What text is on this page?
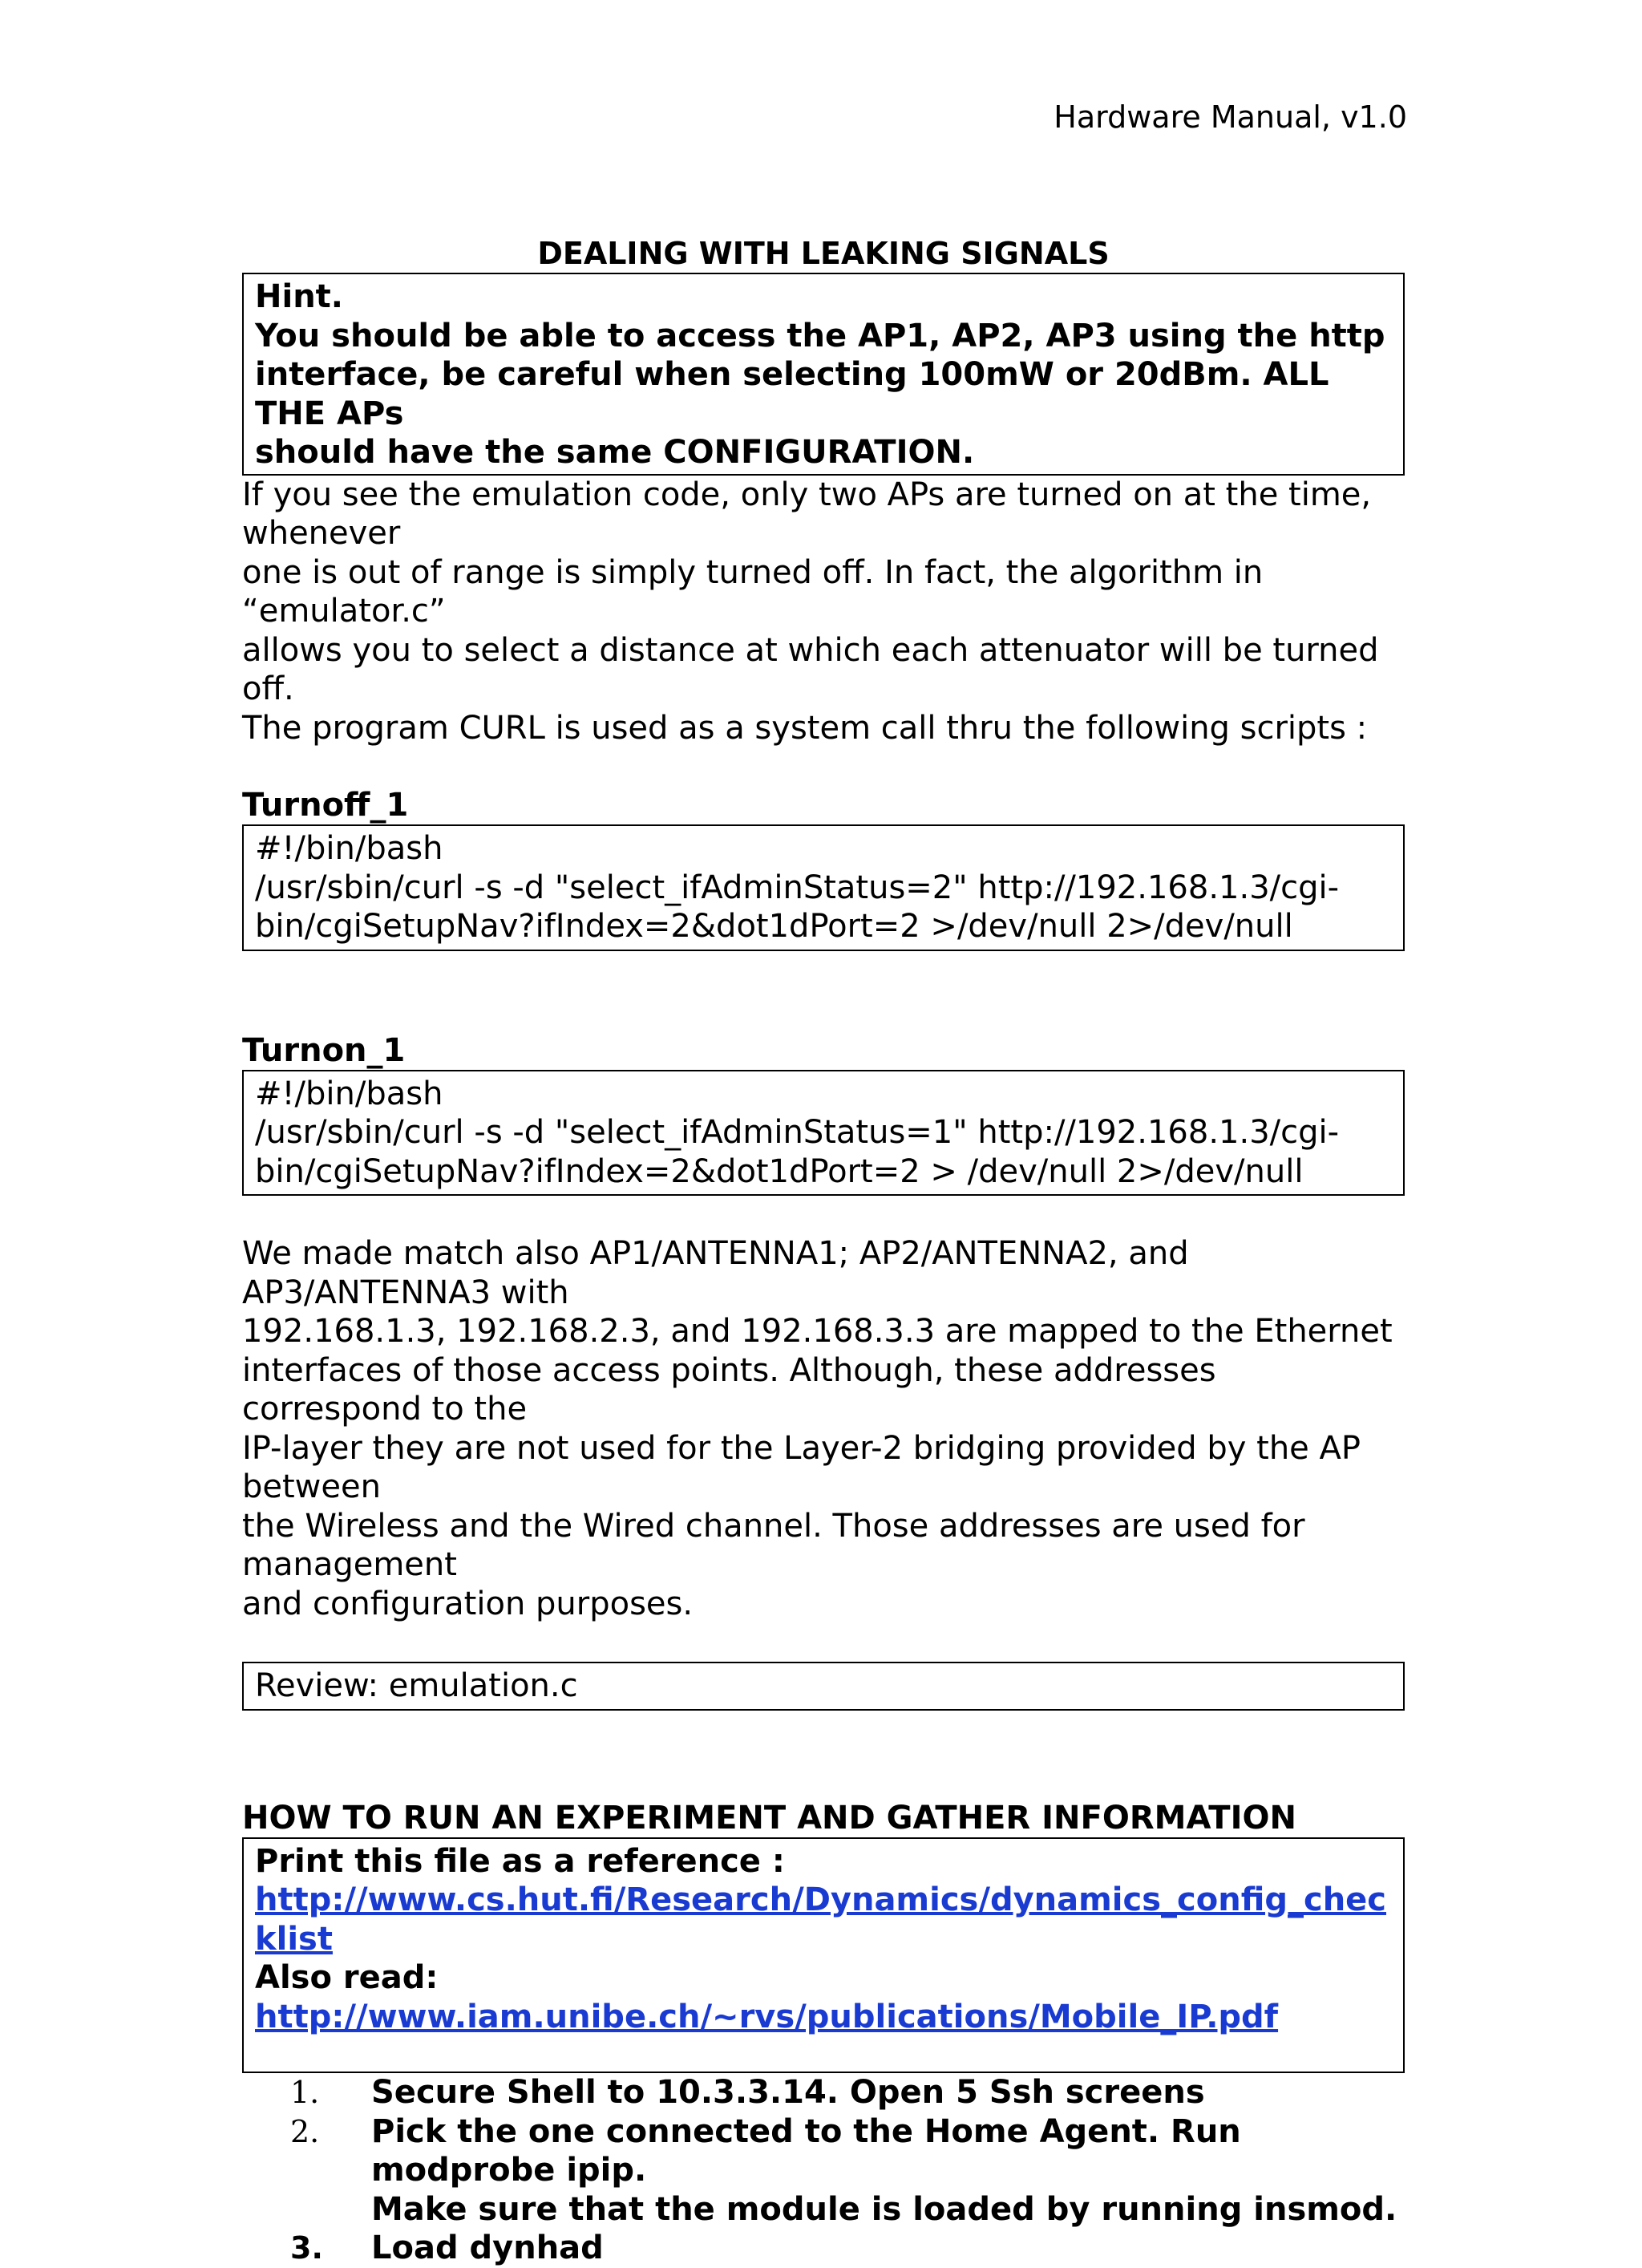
Hardware Manual, v1.0
DEALING WITH LEAKING SIGNALS
Hint.
You should be able to access the AP1, AP2, AP3 using the http
interface, be careful when selecting 100mW or 20dBm. ALL THE APs
should have the same CONFIGURATION.
If you see the emulation code, only two APs are turned on at the time, whenever
one is out of range is simply turned off. In fact, the algorithm in “emulator.c”
allows you to select a distance at which each attenuator will be turned off.
The program CURL is used as a system call thru the following scripts :
Turnoff_1
#!/bin/bash
/usr/sbin/curl -s -d "select_ifAdminStatus=2" http://192.168.1.3/cgi-
bin/cgiSetupNav?ifIndex=2&dot1dPort=2 >/dev/null 2>/dev/null
Turnon_1
#!/bin/bash
/usr/sbin/curl -s -d "select_ifAdminStatus=1" http://192.168.1.3/cgi-
bin/cgiSetupNav?ifIndex=2&dot1dPort=2 > /dev/null 2>/dev/null
We made match also AP1/ANTENNA1; AP2/ANTENNA2, and AP3/ANTENNA3 with
192.168.1.3, 192.168.2.3, and 192.168.3.3 are mapped to the Ethernet
interfaces of those access points. Although, these addresses correspond to the
IP-layer they are not used for the Layer-2 bridging provided by the AP between
the Wireless and the Wired channel. Those addresses are used for management
and configuration purposes.
Review: emulation.c
HOW TO RUN AN EXPERIMENT AND GATHER INFORMATION
Print this file as a reference :
http://www.cs.hut.fi/Research/Dynamics/dynamics_config_checklist
Also read:
http://www.iam.unibe.ch/~rvs/publications/Mobile_IP.pdf
1. Secure Shell to 10.3.3.14. Open 5 Ssh screens
2. Pick the one connected to the Home Agent. Run modprobe ipip.
Make sure that the module is loaded by running insmod.
3. Load dynhad
